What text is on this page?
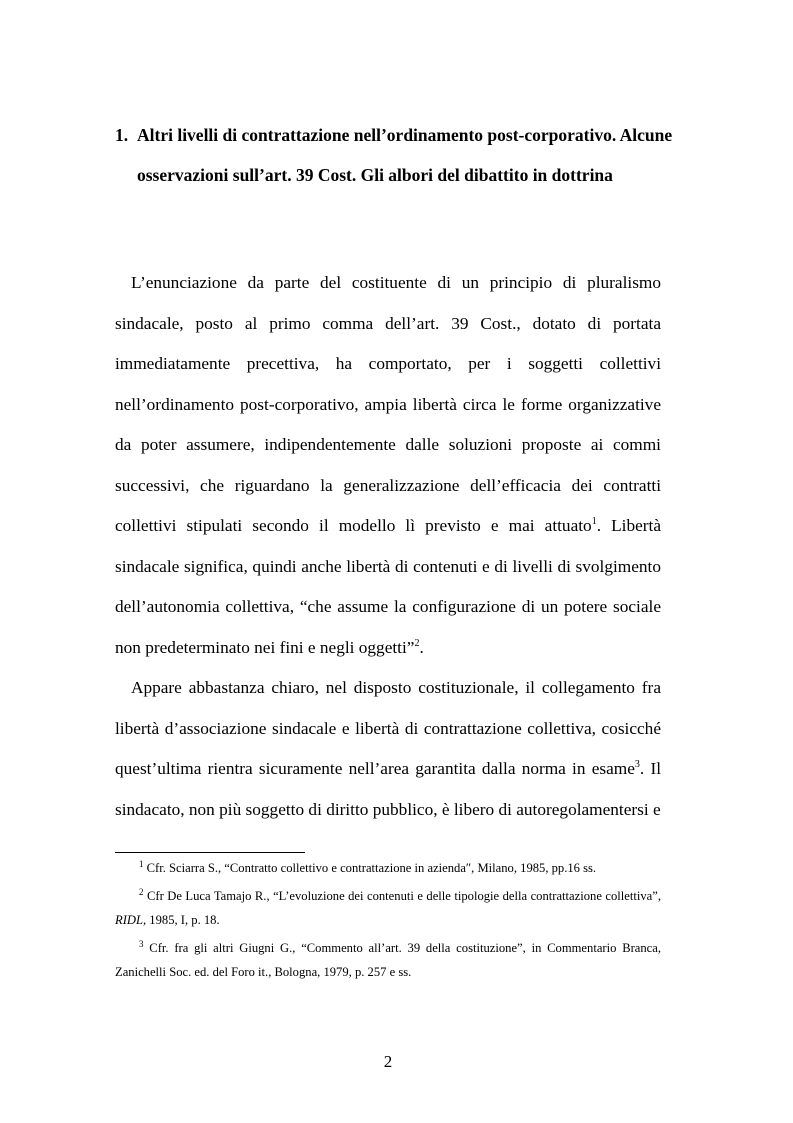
1. Altri livelli di contrattazione nell’ordinamento post-corporativo. Alcune osservazioni sull’art. 39 Cost. Gli albori del dibattito in dottrina

L’enunciazione da parte del costituente di un principio di pluralismo sindacale, posto al primo comma dell’art. 39 Cost., dotato di portata immediatamente precettiva, ha comportato, per i soggetti collettivi nell’ordinamento post-corporativo, ampia libertà circa le forme organizzative da poter assumere, indipendentemente dalle soluzioni proposte ai commi successivi, che riguardano la generalizzazione dell’efficacia dei contratti collettivi stipulati secondo il modello lì previsto e mai attuato$^1$. Libertà sindacale significa, quindi anche libertà di contenuti e di livelli di svolgimento dell’autonomia collettiva, “che assume la configurazione di un potere sociale non predeterminato nei fini e negli oggetti”$^2$.

Appare abbastanza chiaro, nel disposto costituzionale, il collegamento fra libertà d’associazione sindacale e libertà di contrattazione collettiva, cosicché quest’ultima rientra sicuramente nell’area garantita dalla norma in esame$^3$. Il sindacato, non più soggetto di diritto pubblico, è libero di autoregolamentersi e

$^1$ Cfr. Sciarra S., “Contratto collettivo e contrattazione in azienda″, Milano, 1985, pp.16 ss.

$^2$ Cfr De Luca Tamajo R., “L’evoluzione dei contenuti e delle tipologie della contrattazione collettiva”, RIDL, 1985, I, p. 18.

$^3$ Cfr. fra gli altri Giugni G., “Commento all’art. 39 della costituzione”, in Commentario Branca, Zanichelli Soc. ed. del Foro it., Bologna, 1979, p. 257 e ss.

2
